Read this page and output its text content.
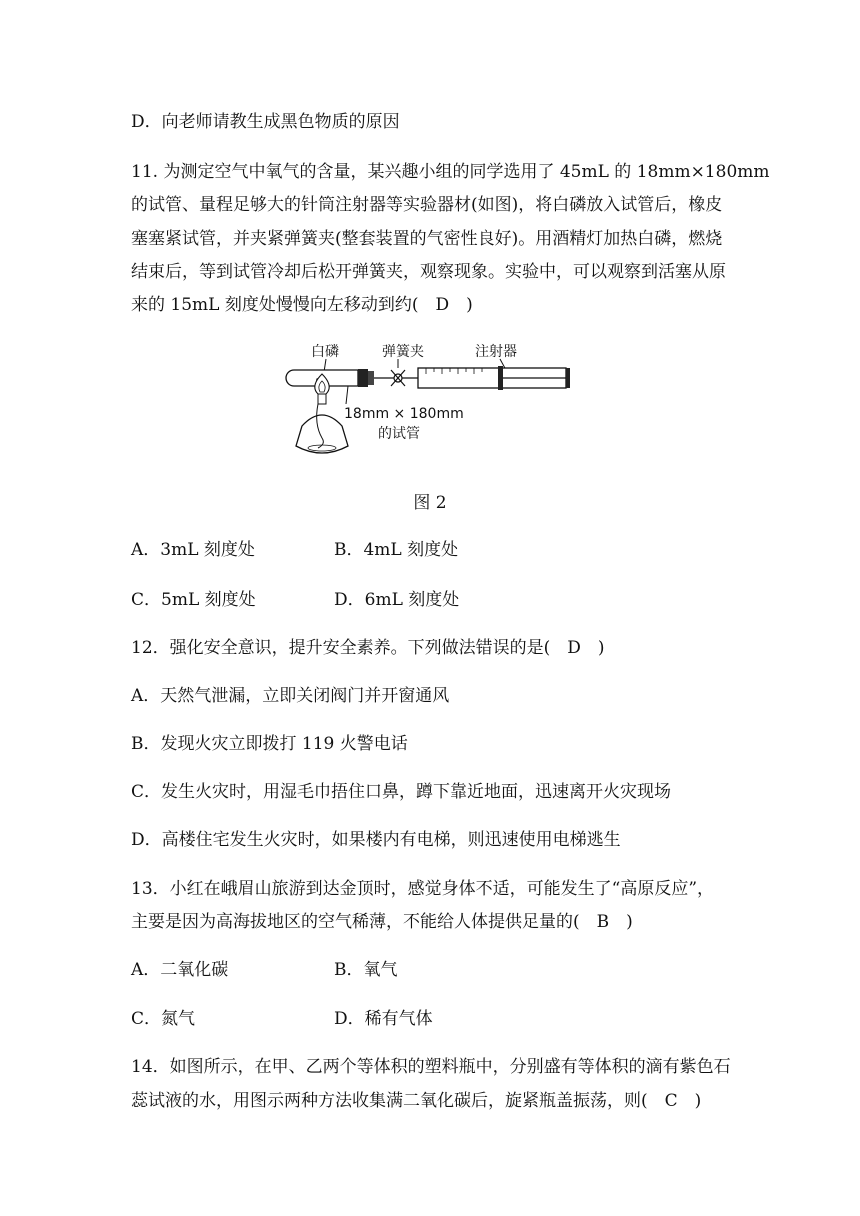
D．向老师请教生成黑色物质的原因
11. 为测定空气中氧气的含量，某兴趣小组的同学选用了 45mL 的 18mm×180mm
的试管、量程足够大的针筒注射器等实验器材(如图)，将白磷放入试管后，橡皮
塞塞紧试管，并夹紧弹簧夹(整套装置的气密性良好)。用酒精灯加热白磷，燃烧
结束后，等到试管冷却后松开弹簧夹，观察现象。实验中，可以观察到活塞从原
来的 15mL 刻度处慢慢向左移动到约(　D　)
白磷	弹簧夹	注射器
18mm × 180mm
的试管
图 2
A．3mL 刻度处	B．4mL 刻度处
C．5mL 刻度处	D．6mL 刻度处
12．强化安全意识，提升安全素养。下列做法错误的是(　D　)
A．天然气泄漏，立即关闭阀门并开窗通风
B．发现火灾立即拨打 119 火警电话
C．发生火灾时，用湿毛巾捂住口鼻，蹲下靠近地面，迅速离开火灾现场
D．高楼住宅发生火灾时，如果楼内有电梯，则迅速使用电梯逃生
13．小红在峨眉山旅游到达金顶时，感觉身体不适，可能发生了“高原反应”，
主要是因为高海拔地区的空气稀薄，不能给人体提供足量的(　B　)
A．二氧化碳	B．氧气
C．氮气	D．稀有气体
14．如图所示，在甲、乙两个等体积的塑料瓶中，分别盛有等体积的滴有紫色石
蕊试液的水，用图示两种方法收集满二氧化碳后，旋紧瓶盖振荡，则(　C　)
